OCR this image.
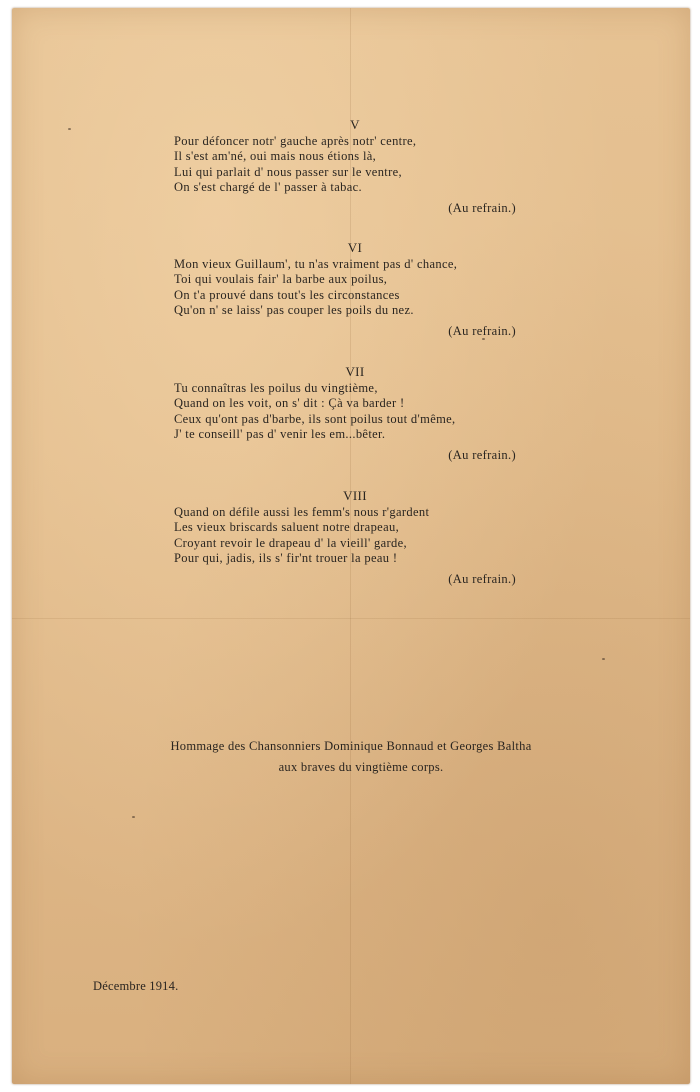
V
Pour défoncer notr' gauche après notr' centre,
Il s'est am'né, oui mais nous étions là,
Lui qui parlait d' nous passer sur le ventre,
On s'est chargé de l' passer à tabac.
(Au refrain.)
VI
Mon vieux Guillaum', tu n'as vraiment pas d' chance,
Toi qui voulais fair' la barbe aux poilus,
On t'a prouvé dans tout's les circonstances
Qu'on n' se laiss' pas couper les poils du nez.
(Au refrain.)
VII
Tu connaîtras les poilus du vingtième,
Quand on les voit, on s' dit : Çà va barder !
Ceux qu'ont pas d'barbe, ils sont poilus tout d'même,
J' te conseill' pas d' venir les em...bêter.
(Au refrain.)
VIII
Quand on défile aussi les femm's nous r'gardent
Les vieux briscards saluent notre drapeau,
Croyant revoir le drapeau d' la vieill' garde,
Pour qui, jadis, ils s' fir'nt trouer la peau !
(Au refrain.)
Hommage des Chansonniers Dominique Bonnaud et Georges Baltha
aux braves du vingtième corps.
Décembre 1914.
